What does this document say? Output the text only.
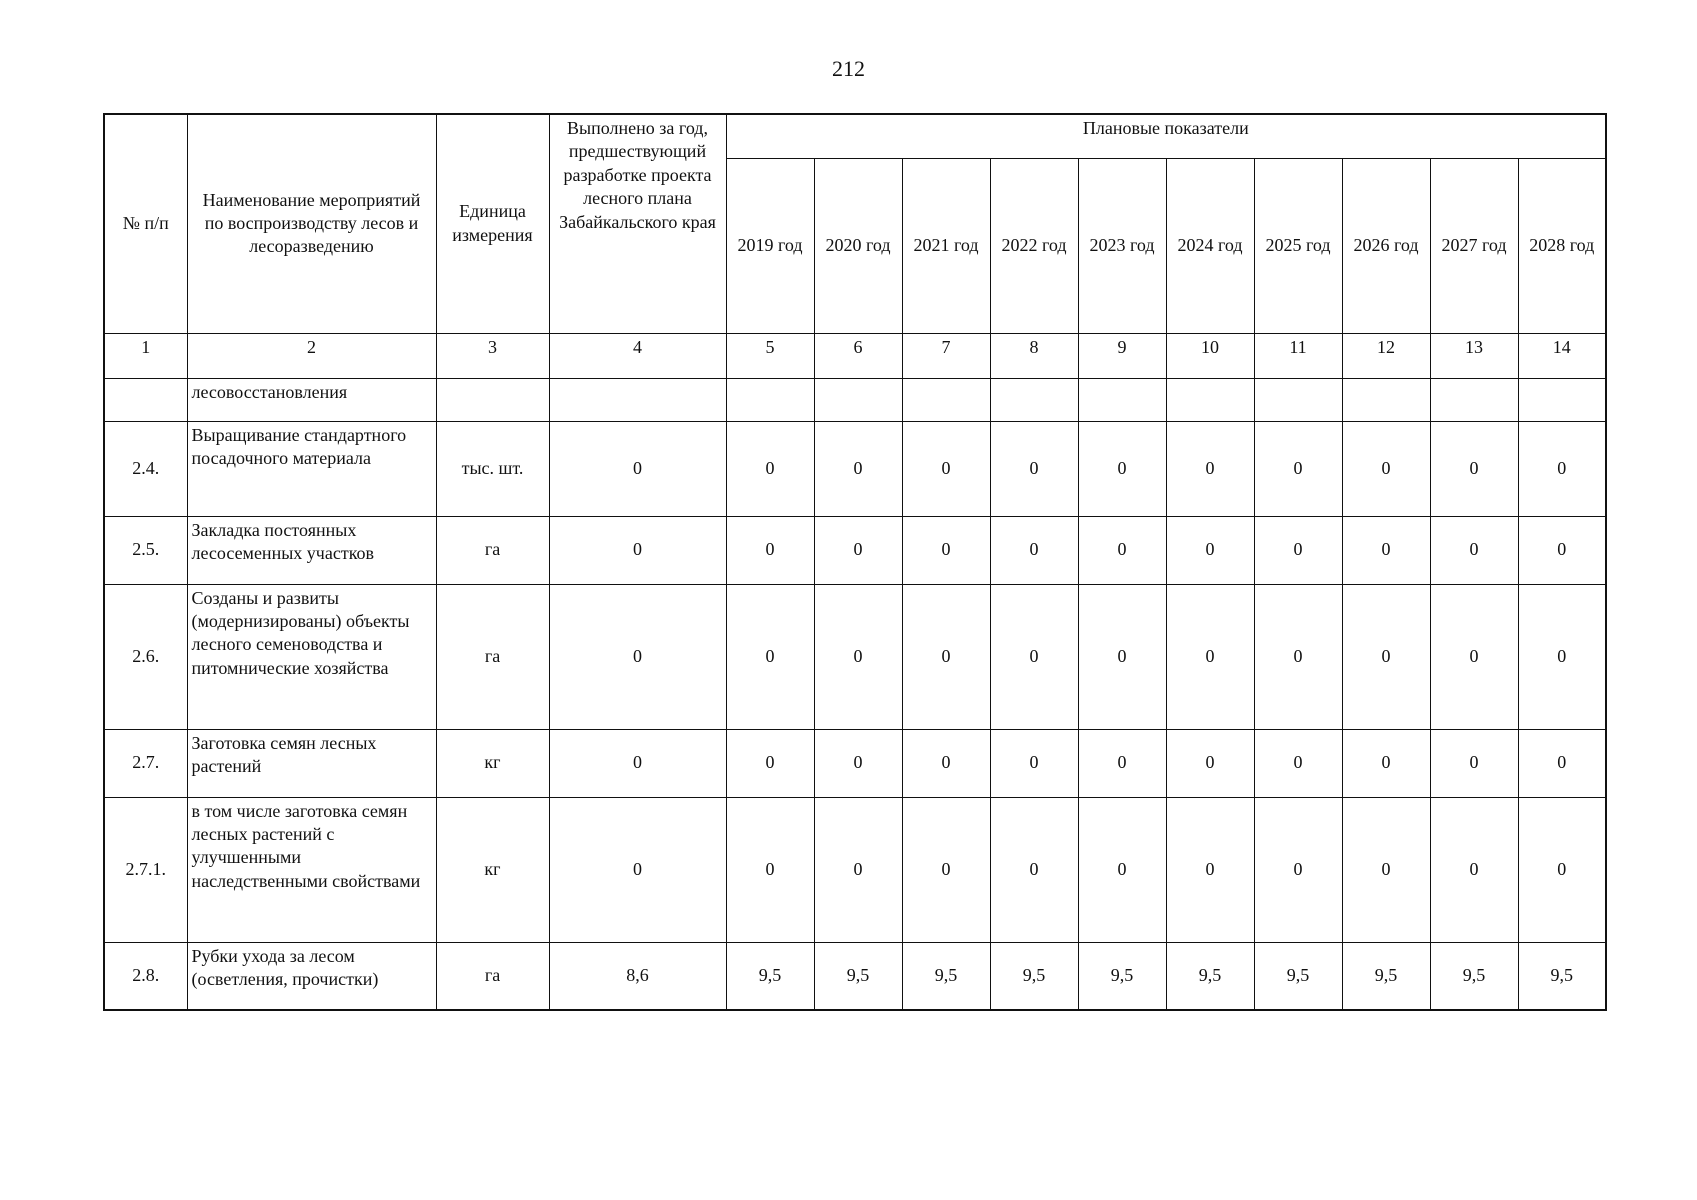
212
№ п/п	Наименование мероприятий по воспроизводству лесов и лесоразведению	Единица измерения	Выполнено за год, предшествующий разработке проекта лесного плана Забайкальского края	Плановые показатели									
				2019 год	2020 год	2021 год	2022 год	2023 год	2024 год	2025 год	2026 год	2027 год	2028 год
1	2	3	4	5	6	7	8	9	10	11	12	13	14
	лесовосстановления												
2.4.	Выращивание стандартного посадочного материала	тыс. шт.	0	0	0	0	0	0	0	0	0	0	0
2.5.	Закладка постоянных лесосеменных участков	га	0	0	0	0	0	0	0	0	0	0	0
2.6.	Созданы и развиты (модернизированы) объекты лесного семеноводства и питомнические хозяйства	га	0	0	0	0	0	0	0	0	0	0	0
2.7.	Заготовка семян лесных растений	кг	0	0	0	0	0	0	0	0	0	0	0
2.7.1.	в том числе заготовка семян лесных растений с улучшенными наследственными свойствами	кг	0	0	0	0	0	0	0	0	0	0	0
2.8.	Рубки ухода за лесом (осветления, прочистки)	га	8,6	9,5	9,5	9,5	9,5	9,5	9,5	9,5	9,5	9,5	9,5
